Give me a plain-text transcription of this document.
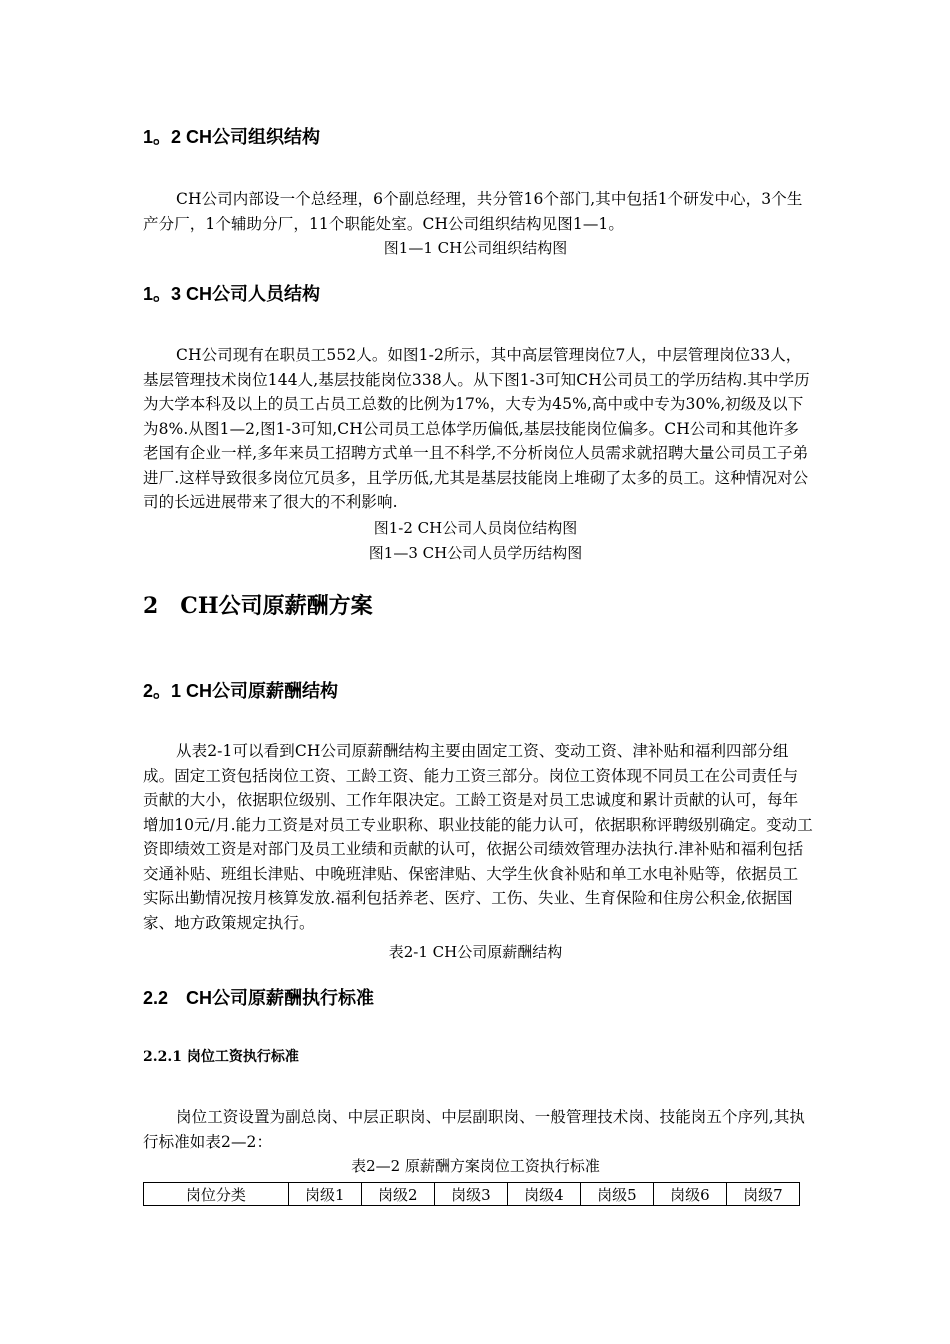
1。2 CH公司组织结构

CH公司内部设一个总经理，6个副总经理，共分管16个部门,其中包括1个研发中心，3个生产分厂，1个辅助分厂，11个职能处室。CH公司组织结构见图1—1。

图1—1 CH公司组织结构图

1。3 CH公司人员结构

CH公司现有在职员工552人。如图1-2所示，其中高层管理岗位7人，中层管理岗位33人，基层管理技术岗位144人,基层技能岗位338人。从下图1-3可知CH公司员工的学历结构.其中学历为大学本科及以上的员工占员工总数的比例为17%，大专为45%,高中或中专为30%,初级及以下为8%.从图1—2,图1-3可知,CH公司员工总体学历偏低,基层技能岗位偏多。CH公司和其他许多老国有企业一样,多年来员工招聘方式单一且不科学,不分析岗位人员需求就招聘大量公司员工子弟进厂.这样导致很多岗位冗员多，且学历低,尤其是基层技能岗上堆砌了太多的员工。这种情况对公司的长远进展带来了很大的不利影响.

图1-2 CH公司人员岗位结构图

图1—3 CH公司人员学历结构图

2　CH公司原薪酬方案
2。1 CH公司原薪酬结构

从表2-1可以看到CH公司原薪酬结构主要由固定工资、变动工资、津补贴和福利四部分组成。固定工资包括岗位工资、工龄工资、能力工资三部分。岗位工资体现不同员工在公司责任与贡献的大小，依据职位级别、工作年限决定。工龄工资是对员工忠诚度和累计贡献的认可，每年增加10元/月.能力工资是对员工专业职称、职业技能的能力认可，依据职称评聘级别确定。变动工资即绩效工资是对部门及员工业绩和贡献的认可，依据公司绩效管理办法执行.津补贴和福利包括交通补贴、班组长津贴、中晚班津贴、保密津贴、大学生伙食补贴和单工水电补贴等，依据员工实际出勤情况按月核算发放.福利包括养老、医疗、工伤、失业、生育保险和住房公积金,依据国家、地方政策规定执行。

表2-1 CH公司原薪酬结构

2.2　CH公司原薪酬执行标准
2.2.1 岗位工资执行标准

岗位工资设置为副总岗、中层正职岗、中层副职岗、一般管理技术岗、技能岗五个序列,其执行标准如表2—2：

表2—2 原薪酬方案岗位工资执行标准

岗位分类	岗级1	岗级2	岗级3	岗级4	岗级5	岗级6	岗级7
